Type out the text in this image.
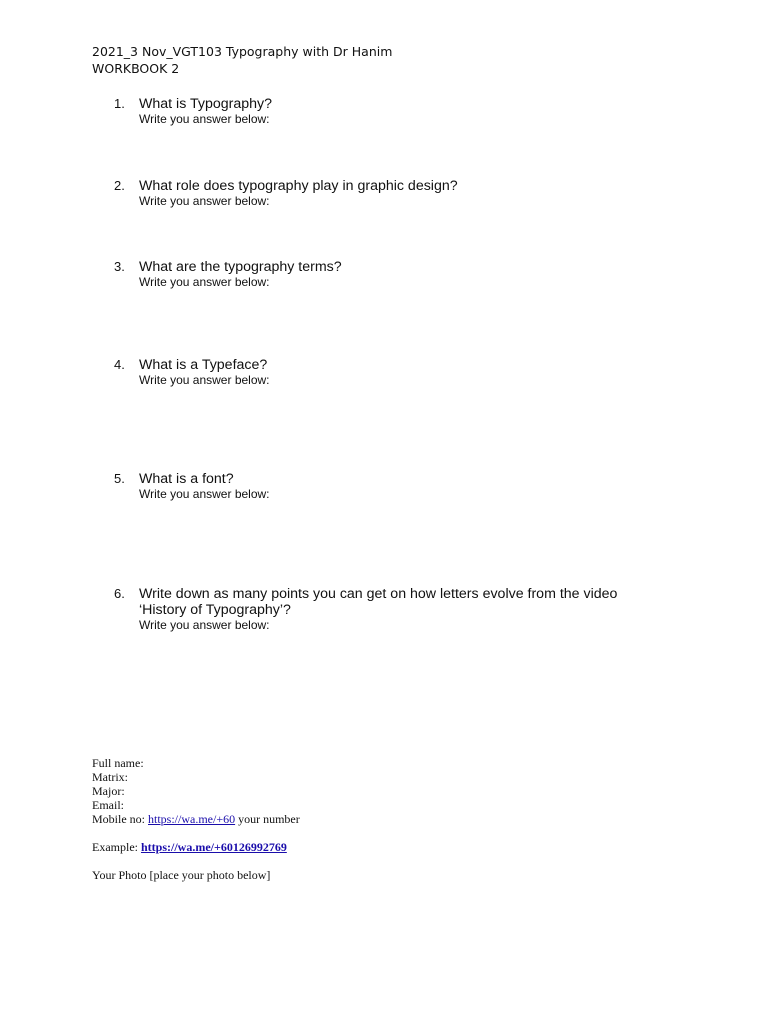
2021_3 Nov_VGT103 Typography with Dr Hanim
WORKBOOK 2
1. What is Typography?
Write you answer below:
2. What role does typography play in graphic design?
Write you answer below:
3. What are the typography terms?
Write you answer below:
4. What is a Typeface?
Write you answer below:
5. What is a font?
Write you answer below:
6. Write down as many points you can get on how letters evolve from the video
‘History of Typography’?
Write you answer below:
Full name:
Matrix:
Major:
Email:
Mobile no: https://wa.me/+60 your number
Example: https://wa.me/+60126992769
Your Photo [place your photo below]
